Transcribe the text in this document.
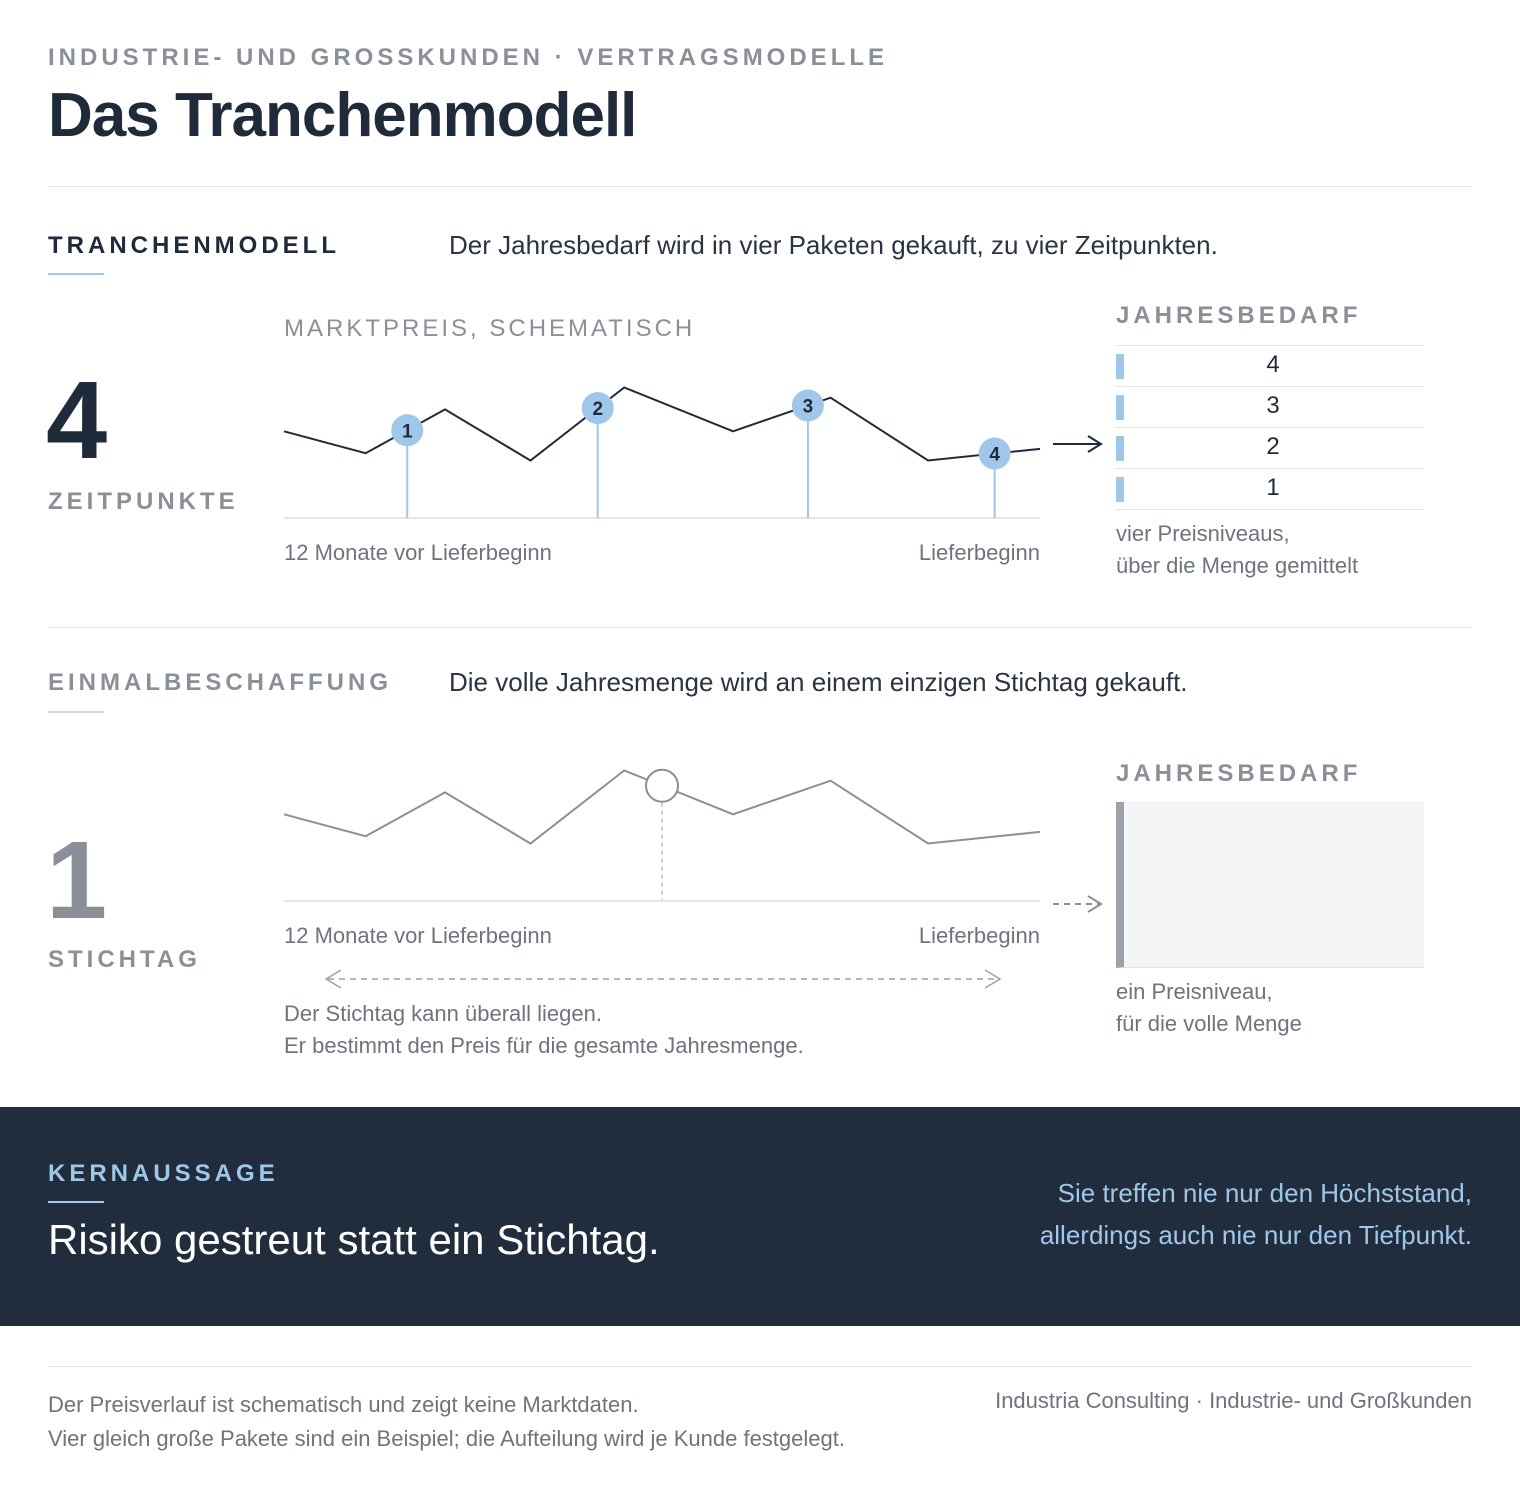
INDUSTRIE- UND GROSSKUNDEN · VERTRAGSMODELLE
Das Tranchenmodell
TRANCHENMODELL	Der Jahresbedarf wird in vier Paketen gekauft, zu vier Zeitpunkten.
4
ZEITPUNKTE
MARKTPREIS, SCHEMATISCH
1
2	3
4
12 Monate vor Lieferbeginn	Lieferbeginn
JAHRESBEDARF
4
3
2
1
vier Preisniveaus,
über die Menge gemittelt
EINMALBESCHAFFUNG Die volle Jahresmenge wird an einem einzigen Stichtag gekauft.
1
STICHTAG
12 Monate vor Lieferbeginn	Lieferbeginn
Der Stichtag kann überall liegen.
Er bestimmt den Preis für die gesamte Jahresmenge.
JAHRESBEDARF
ein Preisniveau,
für die volle Menge
KERNAUSSAGE
Risiko gestreut statt ein Stichtag.
Sie treffen nie nur den Höchststand,
allerdings auch nie nur den Tiefpunkt.
Der Preisverlauf ist schematisch und zeigt keine Marktdaten.
Vier gleich große Pakete sind ein Beispiel; die Aufteilung wird je Kunde festgelegt.
Industria Consulting · Industrie- und Großkunden
